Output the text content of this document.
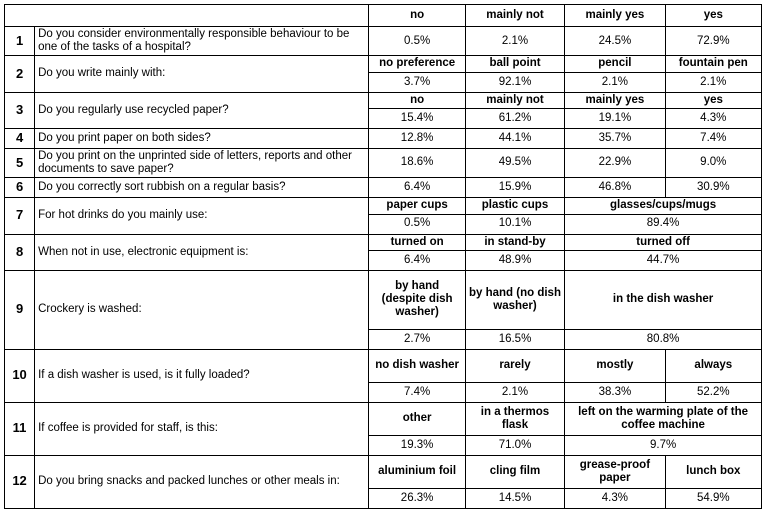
		no	mainly not	mainly yes	yes
1	Do you consider environmentally responsible behaviour to be one of the tasks of a hospital?	0.5%	2.1%	24.5%	72.9%
2	Do you write mainly with:	no preference	ball point	pencil	fountain pen
		3.7%	92.1%	2.1%	2.1%
3	Do you regularly use recycled paper?	no	mainly not	mainly yes	yes
		15.4%	61.2%	19.1%	4.3%
4	Do you print paper on both sides?	12.8%	44.1%	35.7%	7.4%
5	Do you print on the unprinted side of letters, reports and other documents to save paper?	18.6%	49.5%	22.9%	9.0%
6	Do you correctly sort rubbish on a regular basis?	6.4%	15.9%	46.8%	30.9%
7	For hot drinks do you mainly use:	paper cups	plastic cups	glasses/cups/mugs	
		0.5%	10.1%	89.4%	
8	When not in use, electronic equipment is:	turned on	in stand-by	turned off	
		6.4%	48.9%	44.7%	
9	Crockery is washed:	by hand (despite dish washer)	by hand (no dish washer)	in the dish washer	
		2.7%	16.5%	80.8%	
10	If a dish washer is used, is it fully loaded?	no dish washer	rarely	mostly	always
		7.4%	2.1%	38.3%	52.2%
11	If coffee is provided for staff, is this:	other	in a thermos flask	left on the warming plate of the coffee machine	
		19.3%	71.0%	9.7%	
12	Do you bring snacks and packed lunches or other meals in:	aluminium foil	cling film	grease-proof paper	lunch box
		26.3%	14.5%	4.3%	54.9%
